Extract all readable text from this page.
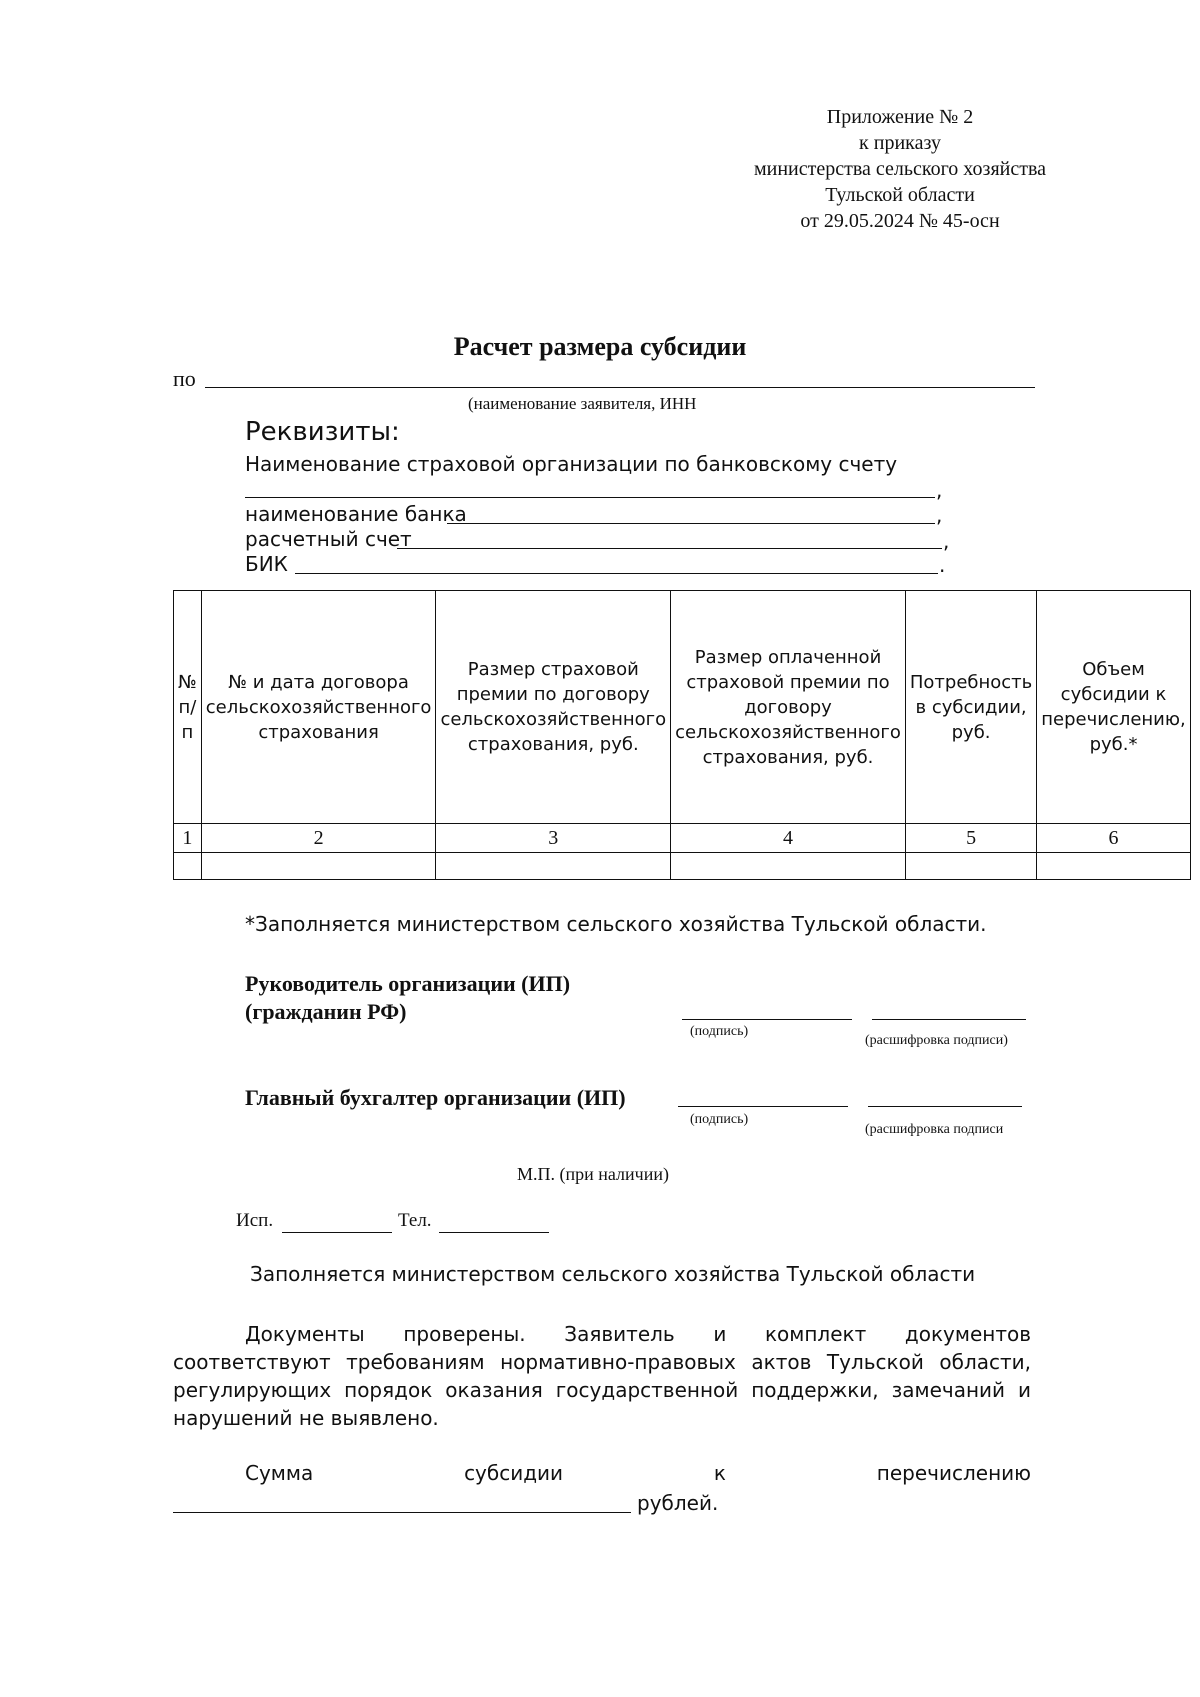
Приложение № 2
к приказу
министерства сельского хозяйства
Тульской области
от 29.05.2024 № 45-осн
Расчет размера субсидии
по
(наименование заявителя, ИНН
Реквизиты:
Наименование страховой организации по банковскому счету
,
наименование банка	,
расчетный счет	,
БИК	.
№ п/п	№ и дата договора сельскохозяйственного страхования	Размер страховой премии по договору сельскохозяйственного страхования, руб.	Размер оплаченной страховой премии по договору сельскохозяйственного страхования, руб.	Потребность в субсидии, руб.	Объем субсидии к перечислению, руб.*
1	2	3	4	5	6

*Заполняется министерством сельского хозяйства Тульской области.
Руководитель организации (ИП)
(гражданин РФ)
(подпись)
(расшифровка подписи)
Главный бухгалтер организации (ИП)
(подпись)
(расшифровка подписи
М.П. (при наличии)
Исп.	Тел.
Заполняется министерством сельского хозяйства Тульской области
Документы проверены. Заявитель и комплект документов соответствуют требованиям нормативно-правовых актов Тульской области, регулирующих порядок оказания государственной поддержки, замечаний и нарушений не выявлено.
Сумма	субсидии	к	перечислению
рублей.
